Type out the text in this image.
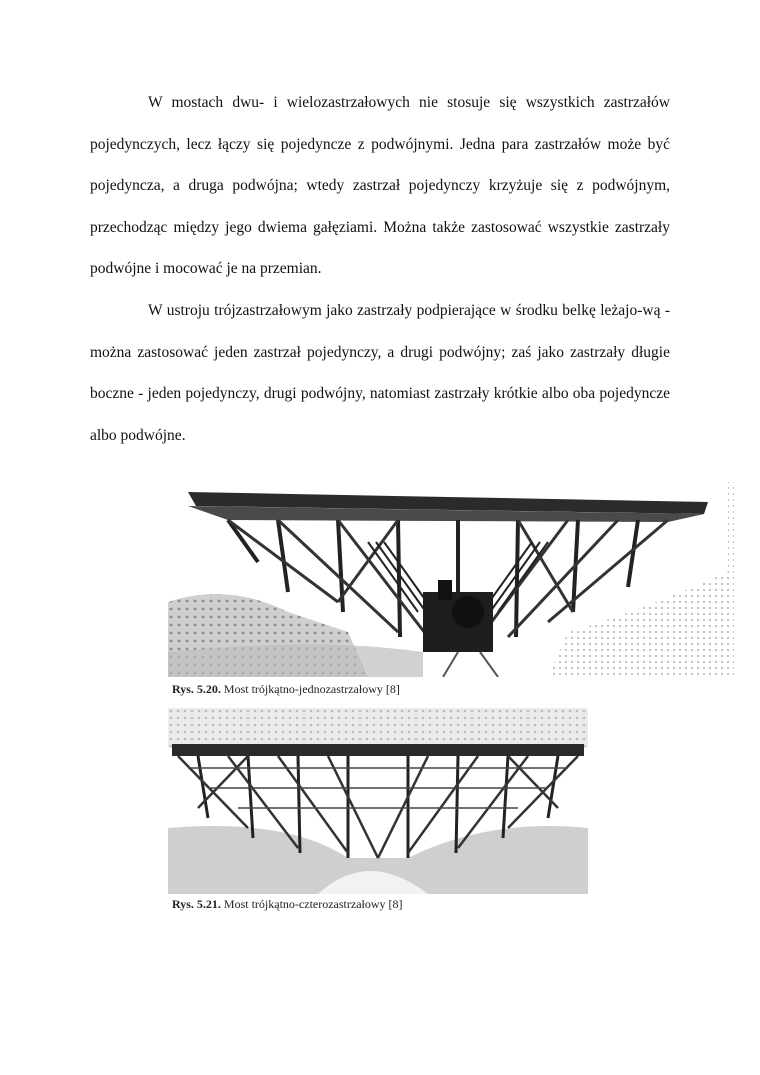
W mostach dwu- i wielozastrzałowych nie stosuje się wszystkich zastrzałów pojedynczych, lecz łączy się pojedyncze z podwójnymi. Jedna para zastrzałów może być pojedyncza, a druga podwójna; wtedy zastrzał pojedynczy krzyżuje się z podwójnym, przechodząc między jego dwiema gałęziami. Można także zastosować wszystkie zastrzały podwójne i mocować je na przemian.

W ustroju trójzastrzałowym jako zastrzały podpierające w środku belkę leżajo-wą - można zastosować jeden zastrzał pojedynczy, a drugi podwójny; zaś jako zastrzały długie boczne - jeden pojedynczy, drugi podwójny, natomiast zastrzały krótkie albo oba pojedyncze albo podwójne.

Rys. 5.20. Most trójkątno-jednozastrzałowy [8]

Rys. 5.21. Most trójkątno-czterozastrzałowy [8]
